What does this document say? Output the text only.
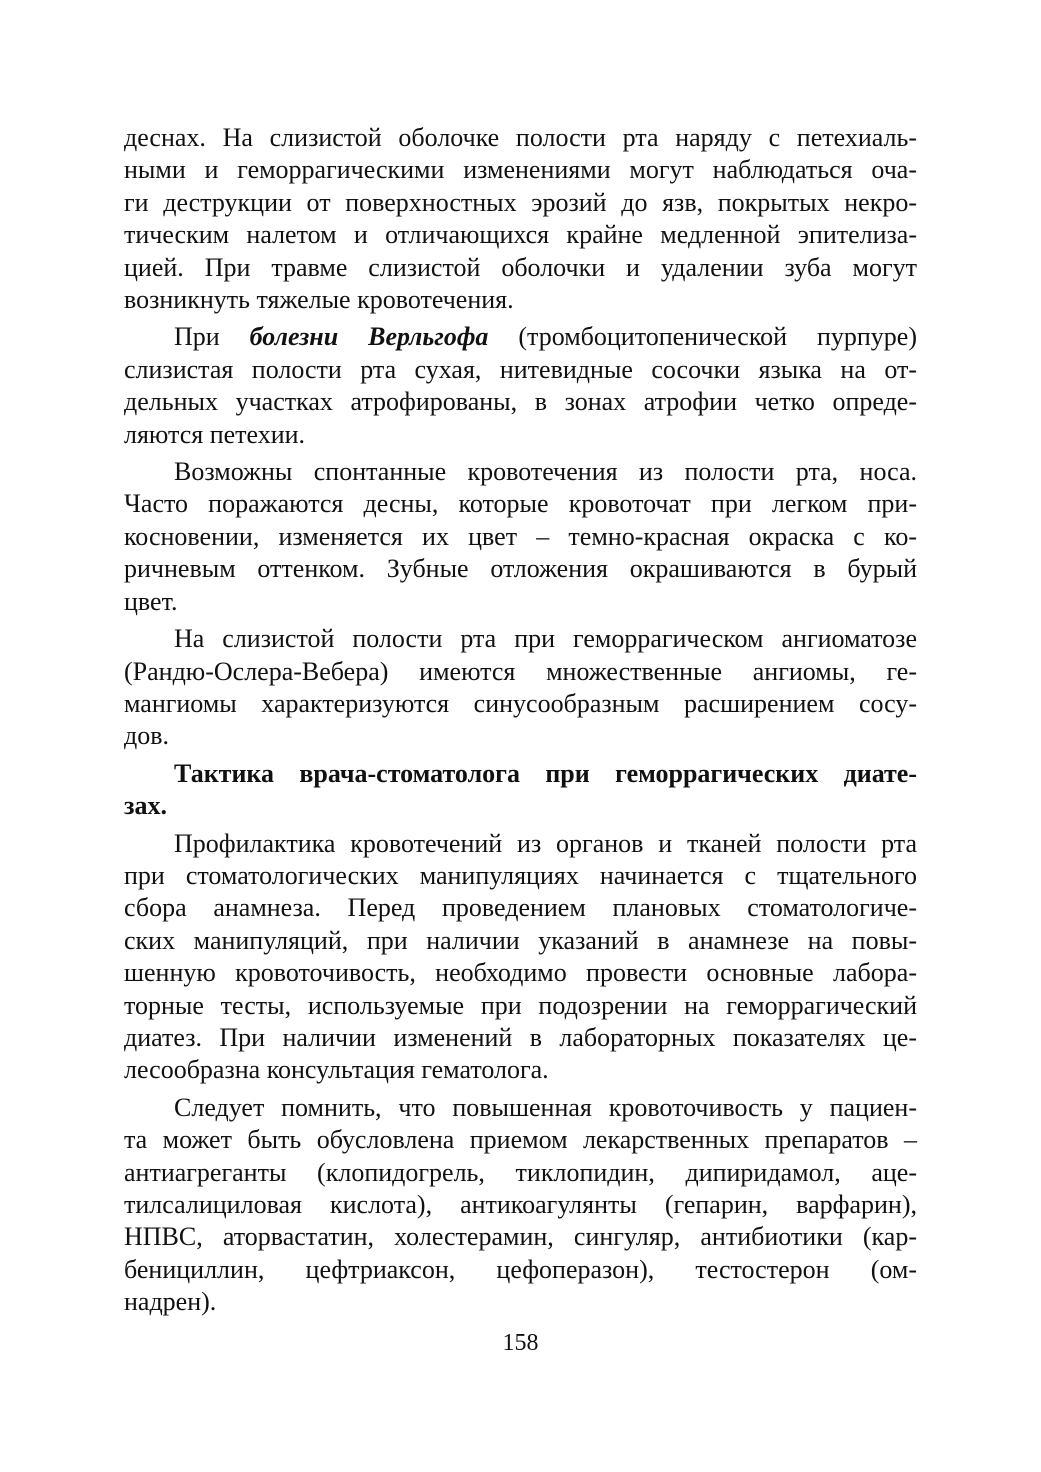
деснах. На слизистой оболочке полости рта наряду с петехиаль-
ными и геморрагическими изменениями могут наблюдаться оча-
ги деструкции от поверхностных эрозий до язв, покрытых некро-
тическим налетом и отличающихся крайне медленной эпителиза-
цией. При травме слизистой оболочки и удалении зуба могут
возникнуть тяжелые кровотечения.
При болезни Верльгофа (тромбоцитопенической пурпуре)
слизистая полости рта сухая, нитевидные сосочки языка на от-
дельных участках атрофированы, в зонах атрофии четко опреде-
ляются петехии.
Возможны спонтанные кровотечения из полости рта, носа.
Часто поражаются десны, которые кровоточат при легком при-
косновении, изменяется их цвет – темно-красная окраска с ко-
ричневым оттенком. Зубные отложения окрашиваются в бурый
цвет.
На слизистой полости рта при геморрагическом ангиоматозе
(Рандю-Ослера-Вебера) имеются множественные ангиомы, ге-
мангиомы характеризуются синусообразным расширением сосу-
дов.
Тактика врача-стоматолога при геморрагических диате-
зах.
Профилактика кровотечений из органов и тканей полости рта
при стоматологических манипуляциях начинается с тщательного
сбора анамнеза. Перед проведением плановых стоматологиче-
ских манипуляций, при наличии указаний в анамнезе на повы-
шенную кровоточивость, необходимо провести основные лабора-
торные тесты, используемые при подозрении на геморрагический
диатез. При наличии изменений в лабораторных показателях це-
лесообразна консультация гематолога.
Следует помнить, что повышенная кровоточивость у пациен-
та может быть обусловлена приемом лекарственных препаратов –
антиагреганты (клопидогрель, тиклопидин, дипиридамол, аце-
тилсалициловая кислота), антикоагулянты (гепарин, варфарин),
НПВС, аторвастатин, холестерамин, сингуляр, антибиотики (кар-
бенициллин, цефтриаксон, цефоперазон), тестостерон (ом-
надрен).
158
